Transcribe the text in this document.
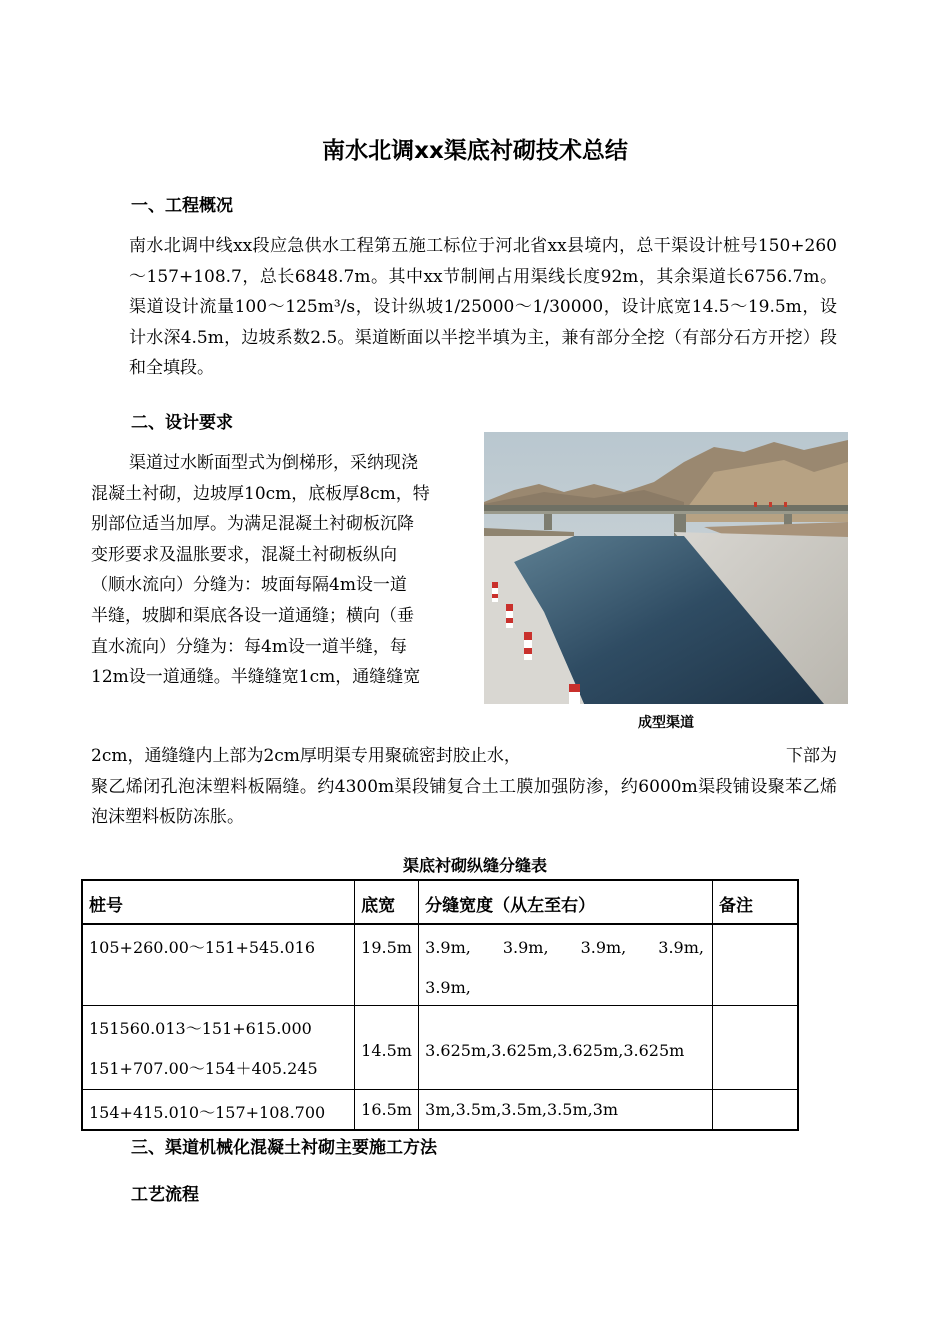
南水北调xx渠底衬砌技术总结
一、工程概况

南水北调中线xx段应急供水工程第五施工标位于河北省xx县境内，总干渠设计桩号150+260～157+108.7，总长6848.7m。其中xx节制闸占用渠线长度92m，其余渠道长6756.7m。渠道设计流量100～125m³/s，设计纵坡1/25000～1/30000，设计底宽14.5～19.5m，设计水深4.5m，边坡系数2.5。渠道断面以半挖半填为主，兼有部分全挖（有部分石方开挖）段和全填段。

二、设计要求

渠道过水断面型式为倒梯形，采纳现浇

混凝土衬砌，边坡厚10cm，底板厚8cm，特

别部位适当加厚。为满足混凝土衬砌板沉降

变形要求及温胀要求，混凝土衬砌板纵向

（顺水流向）分缝为：坡面每隔4m设一道

半缝，坡脚和渠底各设一道通缝；横向（垂

直水流向）分缝为：每4m设一道半缝，每

12m设一道通缝。半缝缝宽1cm，通缝缝宽

成型渠道

2cm，通缝缝内上部为2cm厚明渠专用聚硫密封胶止水，	下部为

聚乙烯闭孔泡沫塑料板隔缝。约4300m渠段铺复合土工膜加强防渗，约6000m渠段铺设聚苯乙烯泡沫塑料板防冻胀。

渠底衬砌纵缝分缝表
桩号	底宽	分缝宽度（从左至右）	备注

105+260.00～151+545.016	19.5m	3.9m,　　3.9m,　　3.9m,　　3.9m,
3.9m,	

151560.013～151+615.000
151+707.00～154＋405.245	14.5m	3.625m,3.625m,3.625m,3.625m	
154+415.010～157+108.700	16.5m	3m,3.5m,3.5m,3.5m,3m	
三、渠道机械化混凝土衬砌主要施工方法
工艺流程
